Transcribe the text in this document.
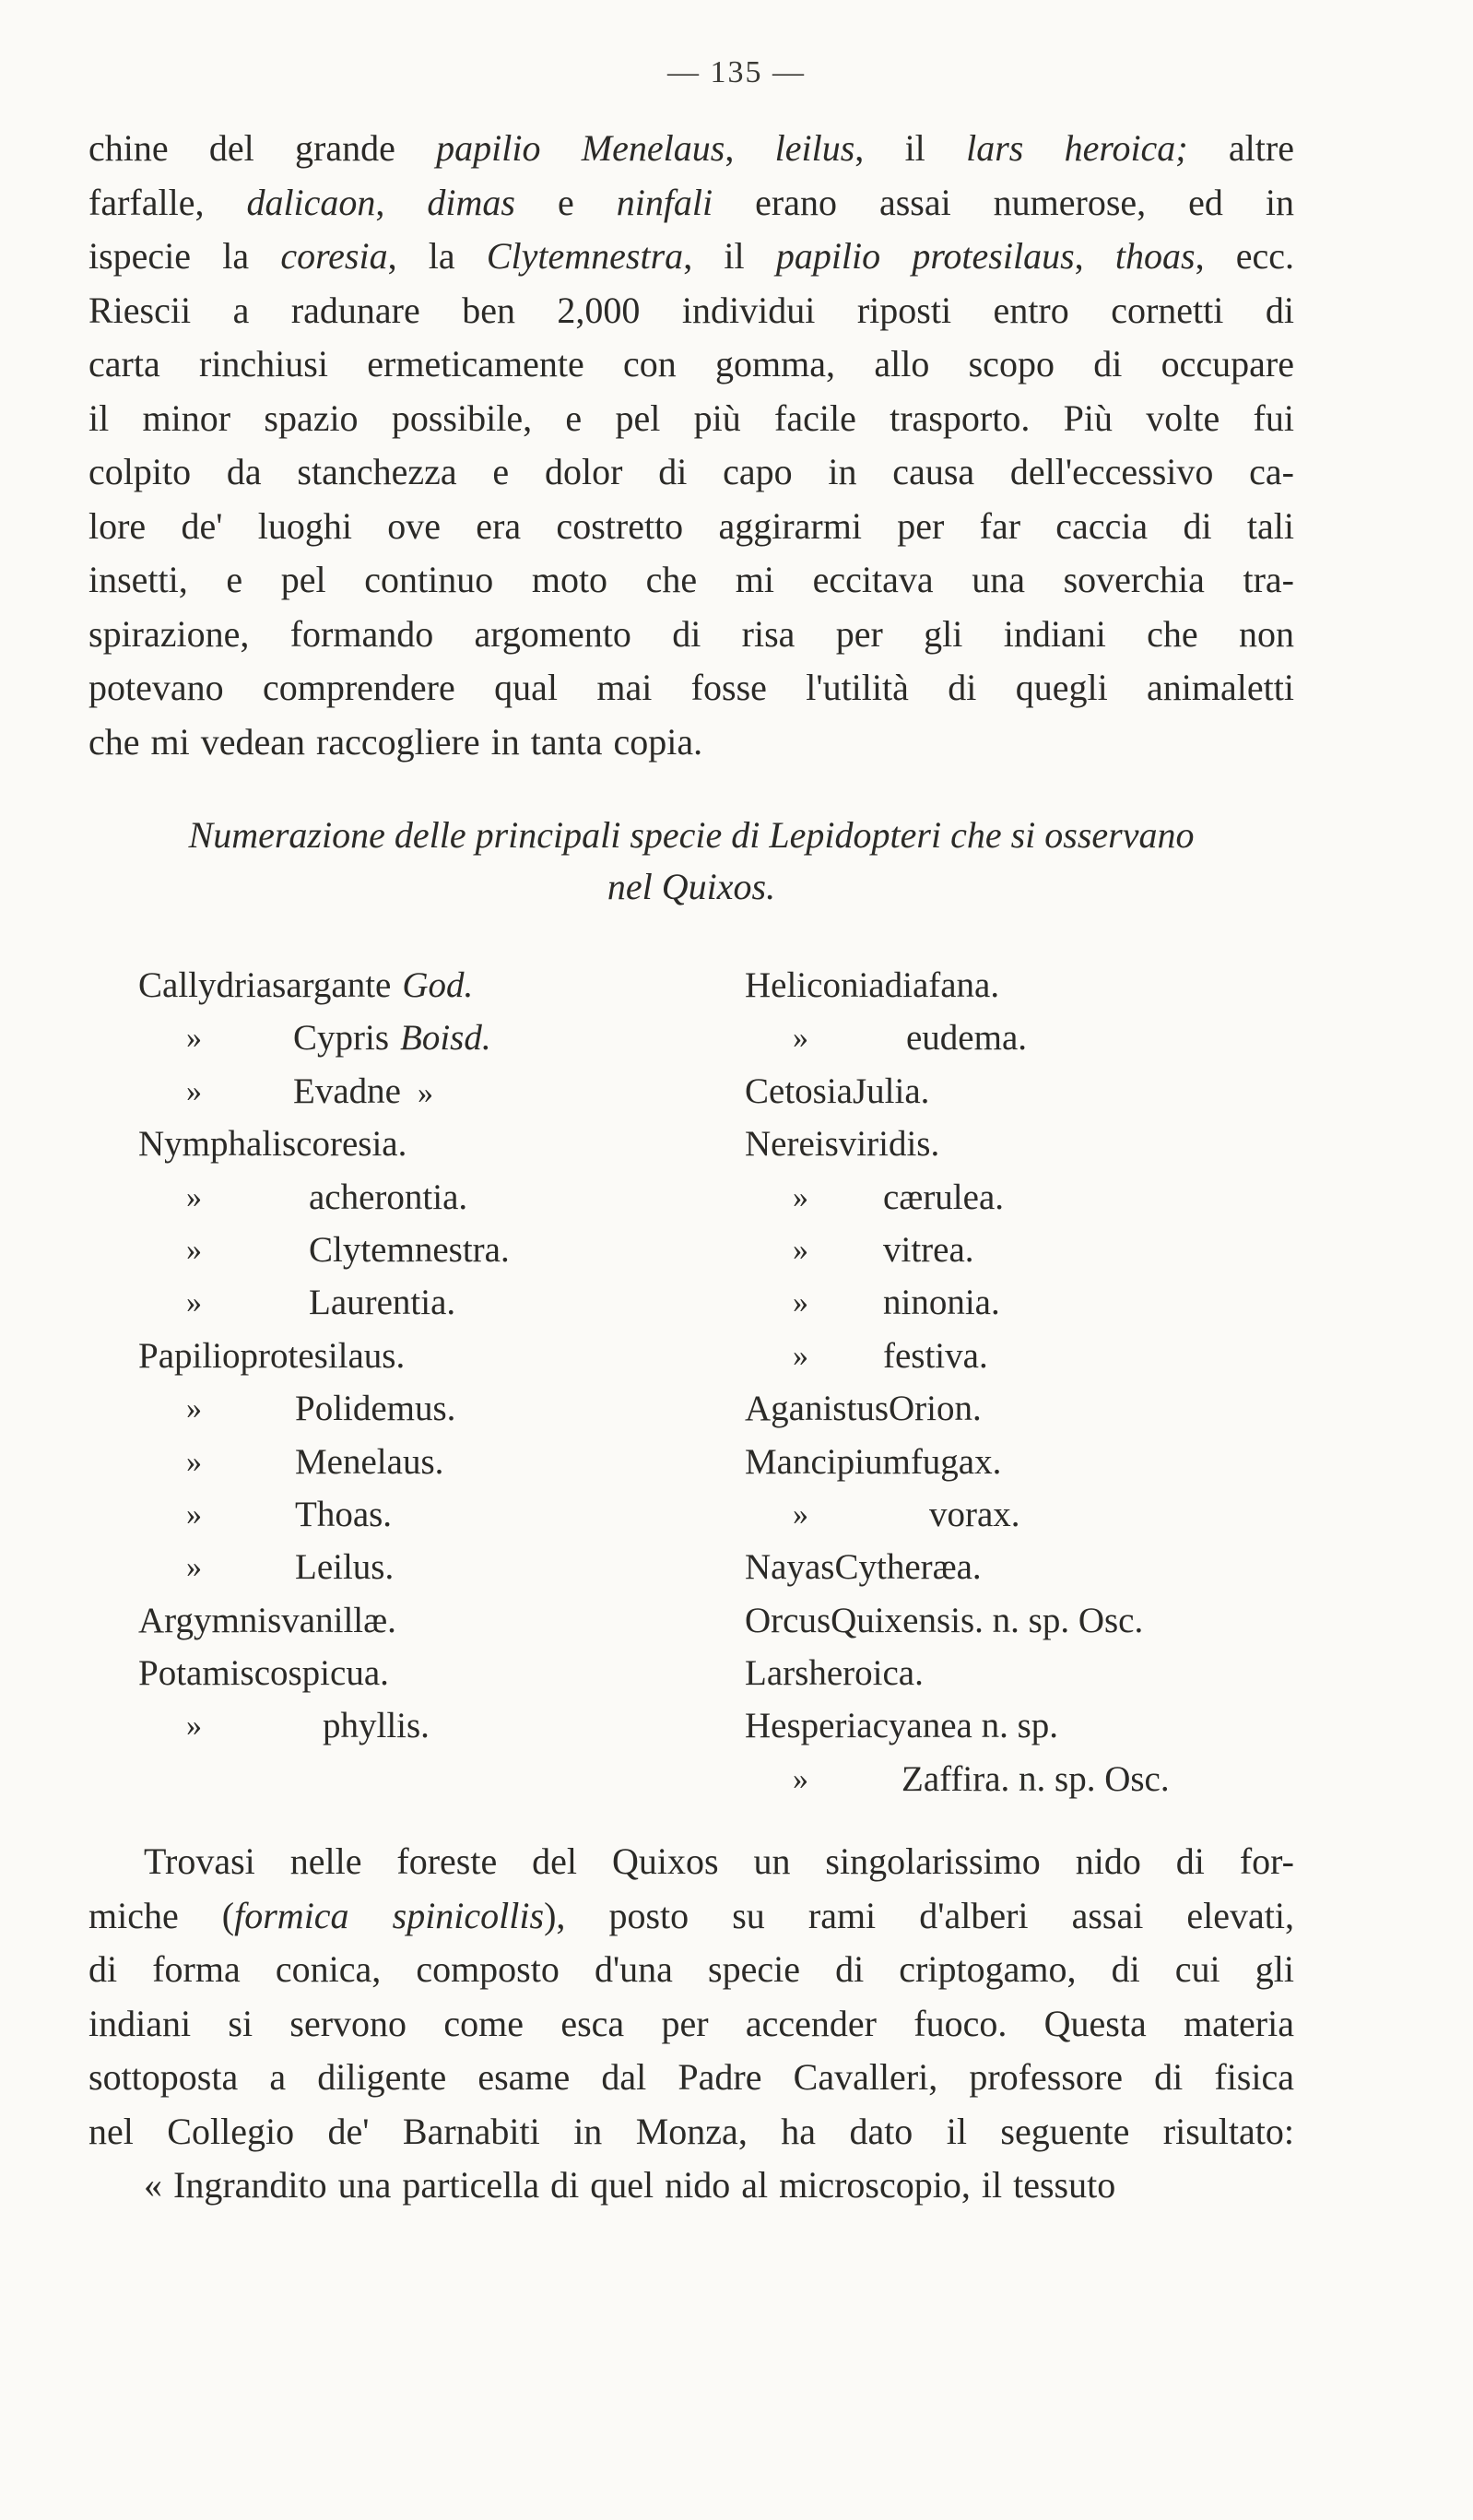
— 135 —
chine del grande papilio Menelaus, leilus, il lars heroica; altre
farfalle, dalicaon, dimas e ninfali erano assai numerose, ed in
ispecie la coresia, la Clytemnestra, il papilio protesilaus, thoas, ecc.
Riescii a radunare ben 2,000 individui riposti entro cornetti di
carta rinchiusi ermeticamente con gomma, allo scopo di occupare
il minor spazio possibile, e pel più facile trasporto. Più volte fui
colpito da stanchezza e dolor di capo in causa dell'eccessivo ca-
lore de' luoghi ove era costretto aggirarmi per far caccia di tali
insetti, e pel continuo moto che mi eccitava una soverchia tra-
spirazione, formando argomento di risa per gli indiani che non
potevano comprendere qual mai fosse l'utilità di quegli animaletti
che mi vedean raccogliere in tanta copia.
Numerazione delle principali specie di Lepidopteri che si osservano
nel Quixos.
Callydriasargante God.
»	Cypris Boisd.
»	Evadne »
Nymphaliscoresia.
»	acherontia.
»	Clytemnestra.
»	Laurentia.
Papilioprotesilaus.
»	Polidemus.
»	Menelaus.
»	Thoas.
»	Leilus.
Argymnisvanillæ.
Potamiscospicua.
»	phyllis.
Heliconiadiafana.
»	eudema.
CetosiaJulia.
Nereisviridis.
» cærulea.
» vitrea.
» ninonia.
» festiva.
AganistusOrion.
Mancipiumfugax.
»	vorax.
NayasCytheræa.
OrcusQuixensis. n. sp. Osc.
Larsheroica.
Hesperiacyanea n. sp.
»	Zaffira. n. sp. Osc.
Trovasi nelle foreste del Quixos un singolarissimo nido di for-
miche (formica spinicollis), posto su rami d'alberi assai elevati,
di forma conica, composto d'una specie di criptogamo, di cui gli
indiani si servono come esca per accender fuoco. Questa materia
sottoposta a diligente esame dal Padre Cavalleri, professore di fisica
nel Collegio de' Barnabiti in Monza, ha dato il seguente risultato:
« Ingrandito una particella di quel nido al microscopio, il tessuto
